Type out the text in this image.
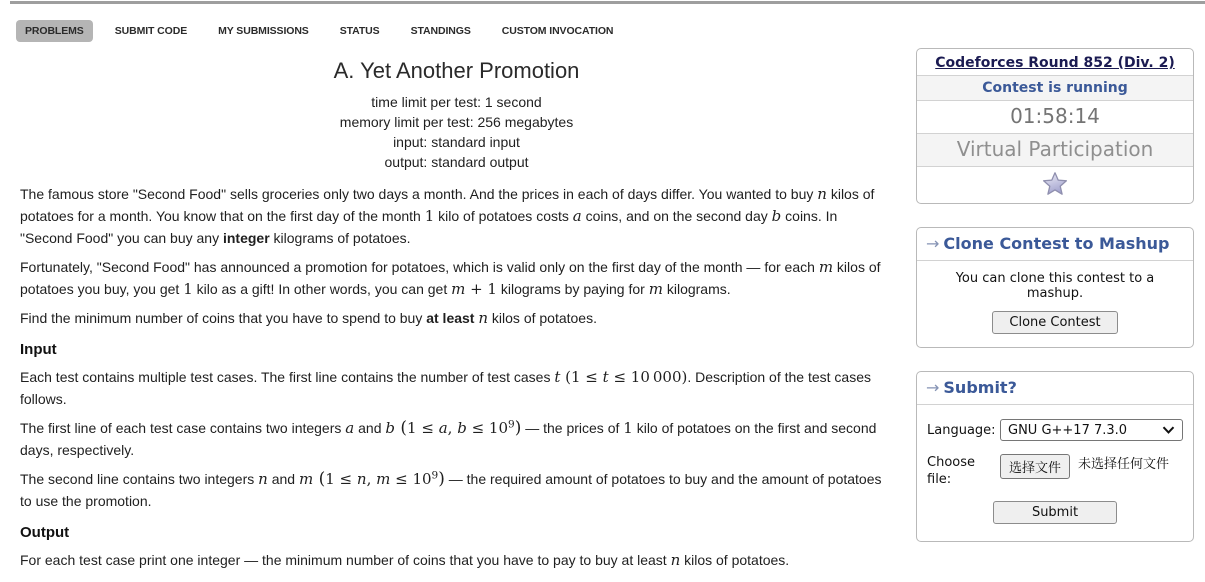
PROBLEMS	SUBMIT CODE	MY SUBMISSIONS	STATUS	STANDINGS	CUSTOM INVOCATION
A. Yet Another Promotion
time limit per test: 1 second
memory limit per test: 256 megabytes
input: standard input
output: standard output

The famous store "Second Food" sells groceries only two days a month. And the prices in each of days differ. You wanted to buy n kilos of potatoes for a month. You know that on the first day of the month 1 kilo of potatoes costs a coins, and on the second day b coins. In "Second Food" you can buy any integer kilograms of potatoes.

Fortunately, "Second Food" has announced a promotion for potatoes, which is valid only on the first day of the month — for each m kilos of potatoes you buy, you get 1 kilo as a gift! In other words, you can get m + 1 kilograms by paying for m kilograms.

Find the minimum number of coins that you have to spend to buy at least n kilos of potatoes.

Input

Each test contains multiple test cases. The first line contains the number of test cases t (1 ≤ t ≤ 10 000). Description of the test cases follows.

The first line of each test case contains two integers a and b (1 ≤ a, $b \le 10^9$) — the prices of 1 kilo of potatoes on the first and second days, respectively.

The second line contains two integers n and m (1 ≤ n, $m \le 10^9$) — the required amount of potatoes to buy and the amount of potatoes to use the promotion.

Output

For each test case print one integer — the minimum number of coins that you have to pay to buy at least n kilos of potatoes.

Codeforces Round 852 (Div. 2)
Contest is running
01:58:14
Virtual Participation
→ Clone Contest to Mashup
You can clone this contest to a mashup.
Clone Contest
→ Submit?
Language: GNU G++17 7.3.0
Choose file:
选择文件	未选择任何文件
Submit
